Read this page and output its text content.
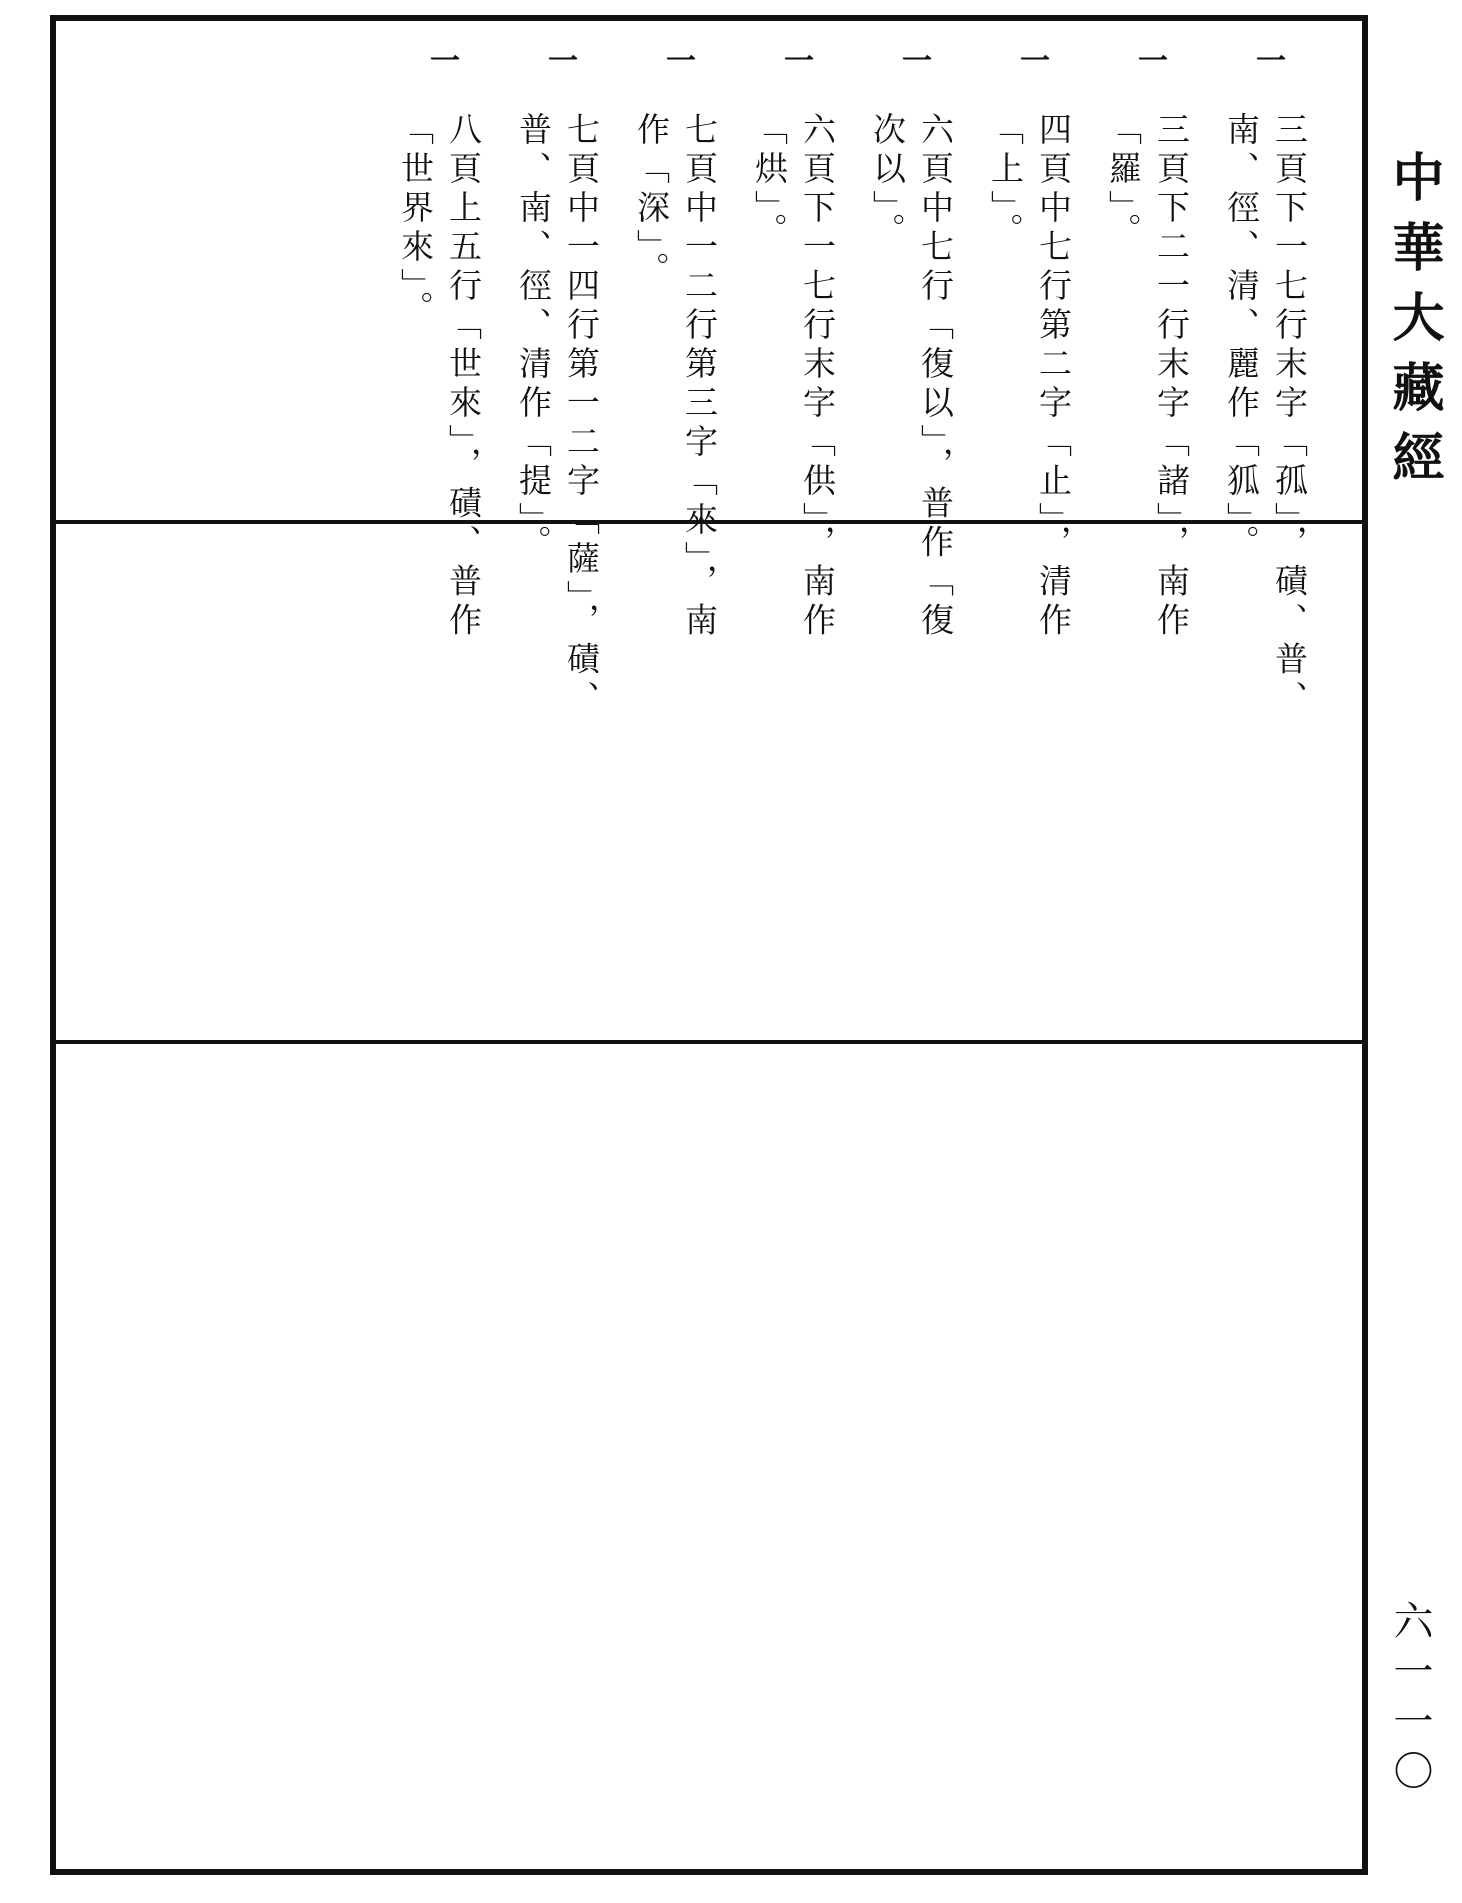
一
三頁下一七行末字「孤」，磧、普、
南、徑、清、麗作「狐」。
一
三頁下二一行末字「諸」，南作
「羅」。
一
四頁中七行第二字「止」，清作
「上」。
一
六頁中七行「復以」，普作「復
次以」。
一
六頁下一七行末字「供」，南作
「烘」。
一
七頁中一二行第三字「來」，南
作「深」。
一
七頁中一四行第一二字「薩」，磧、
普、南、徑、清作「提」。
一
八頁上五行「世來」，磧、普作
「世界來」。	中華大藏經
六一一〇
